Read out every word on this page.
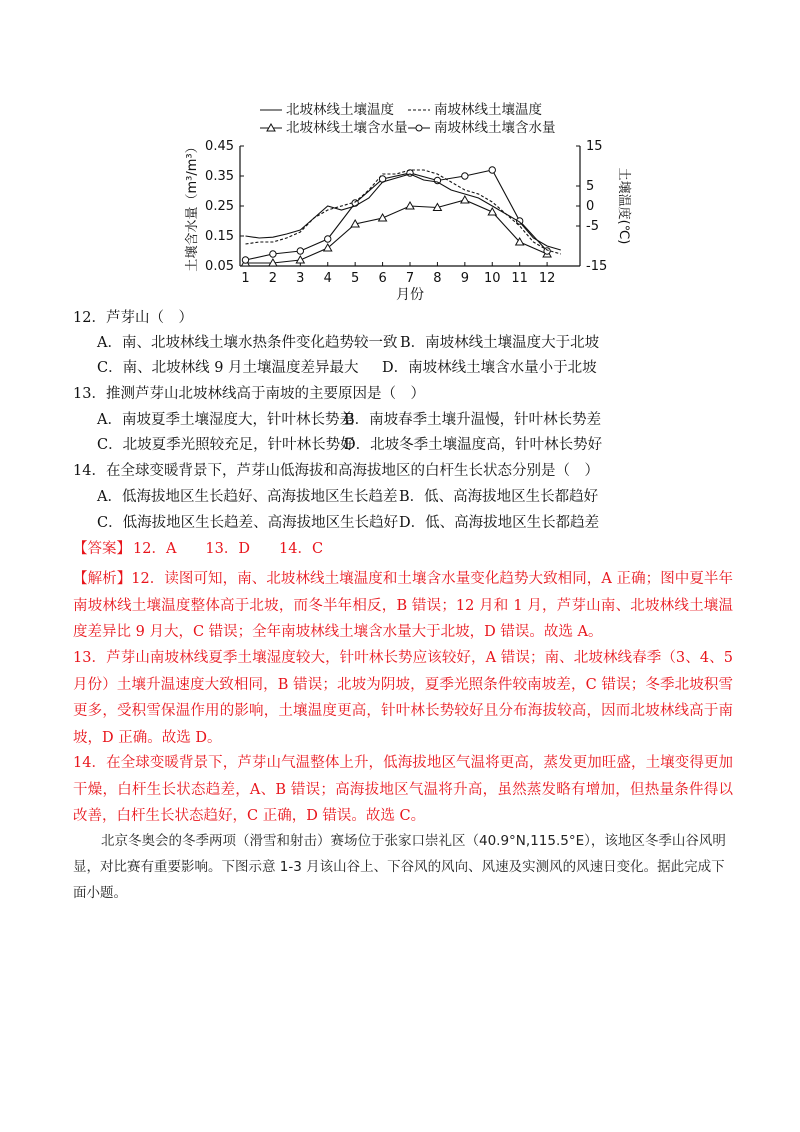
0.45
0.35
0.25
0.15
0.05
15
5
0
-5
-15
1 2 3 4 5 6 7 8 9 10 11 12
月份
土壤含水量（m³/m³）	土壤温度(℃)
北坡林线土壤温度
北坡林线土壤含水量
南坡林线土壤温度
南坡林线土壤含水量
12．芦芽山（　）
A．南、北坡林线土壤水热条件变化趋势较一致 B．南坡林线土壤温度大于北坡
C．南、北坡林线 9 月土壤温度差异最大 D．南坡林线土壤含水量小于北坡
13．推测芦芽山北坡林线高于南坡的主要原因是（　）
A．南坡夏季土壤湿度大，针叶林长势差
B．南坡春季土壤升温慢，针叶林长势差
C．北坡夏季光照较充足，针叶林长势好
D．北坡冬季土壤温度高，针叶林长势好
14．在全球变暖背景下，芦芽山低海拔和高海拔地区的白杆生长状态分别是（　）
A．低海拔地区生长趋好、高海拔地区生长趋差 B．低、高海拔地区生长都趋好
C．低海拔地区生长趋差、高海拔地区生长趋好 D．低、高海拔地区生长都趋差
【答案】 12．A　　13．D　　14．C
【解析】12．读图可知，南、北坡林线土壤温度和土壤含水量变化趋势大致相同，A 正确；图中夏半年南坡林线土壤温度整体高于北坡，而冬半年相反，B 错误；12 月和 1 月，芦芽山南、北坡林线土壤温度差异比 9 月大，C 错误；全年南坡林线土壤含水量大于北坡，D 错误。故选 A。
13．芦芽山南坡林线夏季土壤湿度较大，针叶林长势应该较好，A 错误；南、北坡林线春季（3、4、5 月份）土壤升温速度大致相同，B 错误；北坡为阴坡，夏季光照条件较南坡差，C 错误；冬季北坡积雪更多，受积雪保温作用的影响，土壤温度更高，针叶林长势较好且分布海拔较高，因而北坡林线高于南坡，D 正确。故选 D。
14．在全球变暖背景下，芦芽山气温整体上升，低海拔地区气温将更高，蒸发更加旺盛，土壤变得更加干燥，白杆生长状态趋差，A、B 错误；高海拔地区气温将升高，虽然蒸发略有增加，但热量条件得以改善，白杆生长状态趋好，C 正确，D 错误。故选 C。
北京冬奥会的冬季两项（滑雪和射击）赛场位于张家口崇礼区（40.9°N,115.5°E），该地区冬季山谷风明显，对比赛有重要影响。下图示意 1-3 月该山谷上、下谷风的风向、风速及实测风的风速日变化。据此完成下面小题。
